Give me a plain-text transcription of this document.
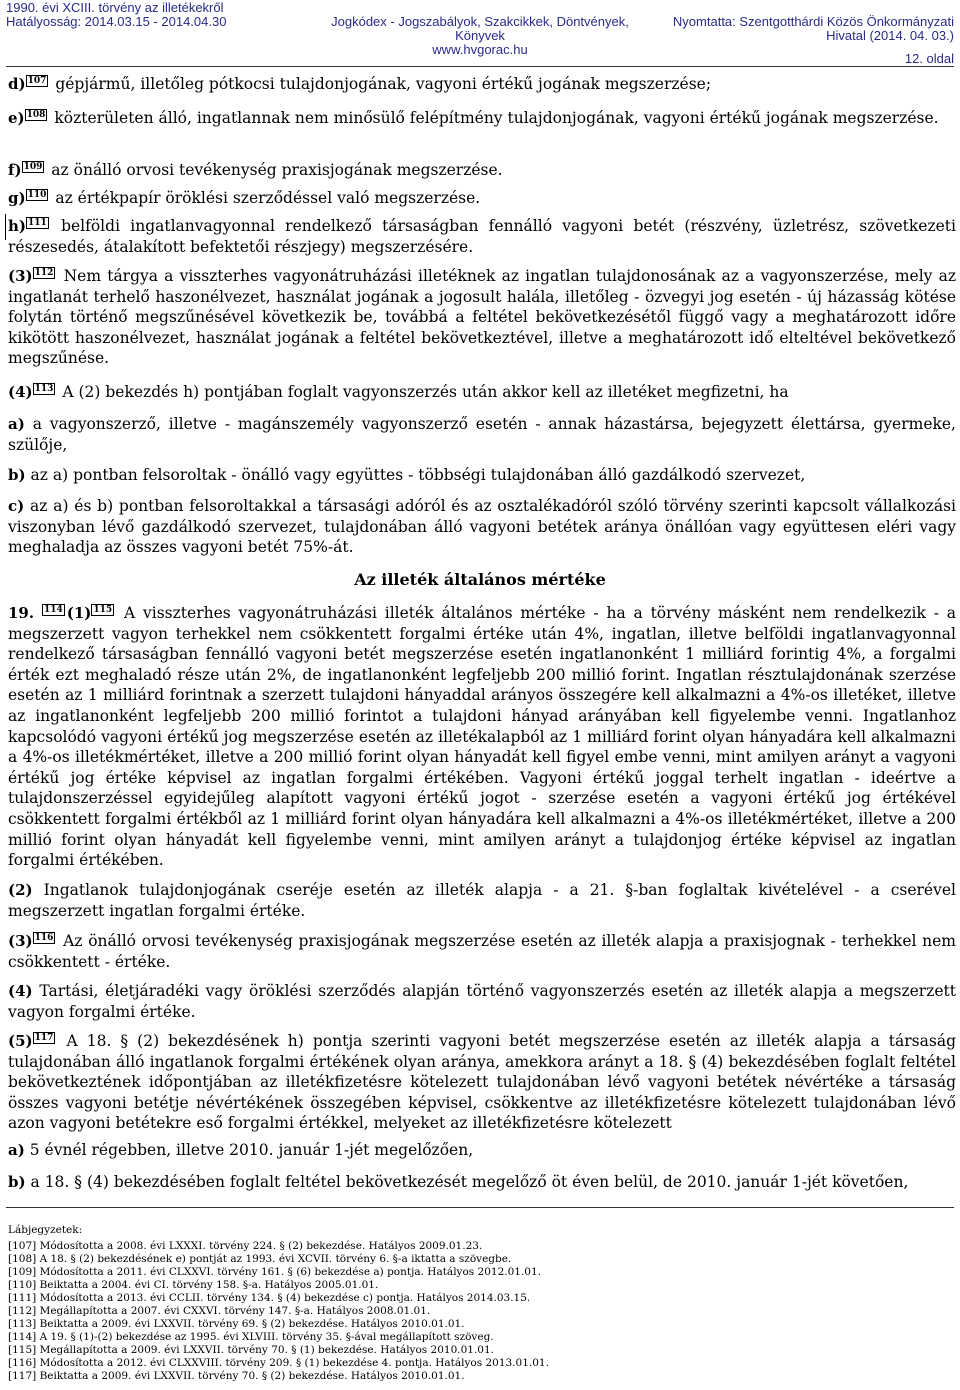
1990. évi XCIII. törvény az illetékekről
Hatályosság: 2014.03.15 - 2014.04.30	Jogkódex - Jogszabályok, Szakcikkek, Döntvények,
Könyvek
www.hvgorac.hu
Nyomtatta: Szentgotthárdi Közös Önkormányzati
Hivatal (2014. 04. 03.)
12. oldal
d) 107 gépjármű, illetőleg pótkocsi tulajdonjogának, vagyoni értékű jogának megszerzése;
e) 108 közterületen álló, ingatlannak nem minősülő felépítmény tulajdonjogának, vagyoni értékű jogának megszerzése.
f) 109 az önálló orvosi tevékenység praxisjogának megszerzése.
g) 110 az értékpapír öröklési szerződéssel való megszerzése.
h) 111 belföldi ingatlanvagyonnal rendelkező társaságban fennálló vagyoni betét (részvény, üzletrész, szövetkezeti részesedés, átalakított befektetői részjegy) megszerzésére.
(3) 112 Nem tárgya a visszterhes vagyonátruházási illetéknek az ingatlan tulajdonosának az a vagyonszerzése, mely az ingatlanát terhelő haszonélvezet, használat jogának a jogosult halála, illetőleg - özvegyi jog esetén - új házasság kötése folytán történő megszűnésével következik be, továbbá a feltétel bekövetkezésétől függő vagy a meghatározott időre kikötött haszonélvezet, használat jogának a feltétel bekövetkeztével, illetve a meghatározott idő elteltével bekövetkező megszűnése.
(4) 113 A (2) bekezdés h) pontjában foglalt vagyonszerzés után akkor kell az illetéket megfizetni, ha
a) a vagyonszerző, illetve - magánszemély vagyonszerző esetén - annak házastársa, bejegyzett élettársa, gyermeke, szülője,
b) az a) pontban felsoroltak - önálló vagy együttes - többségi tulajdonában álló gazdálkodó szervezet,
c) az a) és b) pontban felsoroltakkal a társasági adóról és az osztalékadóról szóló törvény szerinti kapcsolt vállalkozási viszonyban lévő gazdálkodó szervezet, tulajdonában álló vagyoni betétek aránya önállóan vagy együttesen eléri vagy meghaladja az összes vagyoni betét 75%-át.
Az illeték általános mértéke
19. 114 (1) 115 A visszterhes vagyonátruházási illeték általános mértéke - ha a törvény másként nem rendelkezik - a megszerzett vagyon terhekkel nem csökkentett forgalmi értéke után 4%, ingatlan, illetve belföldi ingatlanvagyonnal rendelkező társaságban fennálló vagyoni betét megszerzése esetén ingatlanonként 1 milliárd forintig 4%, a forgalmi érték ezt meghaladó része után 2%, de ingatlanonként legfeljebb 200 millió forint. Ingatlan résztulajdonának szerzése esetén az 1 milliárd forintnak a szerzett tulajdoni hányaddal arányos összegére kell alkalmazni a 4%-os illetéket, illetve az ingatlanonként legfeljebb 200 millió forintot a tulajdoni hányad arányában kell figyelembe venni. Ingatlanhoz kapcsolódó vagyoni értékű jog megszerzése esetén az illetékalapból az 1 milliárd forint olyan hányadára kell alkalmazni a 4%-os illetékmértéket, illetve a 200 millió forint olyan hányadát kell figyel embe venni, mint amilyen arányt a vagyoni értékű jog értéke képvisel az ingatlan forgalmi értékében. Vagyoni értékű joggal terhelt ingatlan - ideértve a tulajdonszerzéssel egyidejűleg alapított vagyoni értékű jogot - szerzése esetén a vagyoni értékű jog értékével csökkentett forgalmi értékből az 1 milliárd forint olyan hányadára kell alkalmazni a 4%-os illetékmértéket, illetve a 200 millió forint olyan hányadát kell figyelembe venni, mint amilyen arányt a tulajdonjog értéke képvisel az ingatlan forgalmi értékében.
(2) Ingatlanok tulajdonjogának cseréje esetén az illeték alapja - a 21. §-ban foglaltak kivételével - a cserével megszerzett ingatlan forgalmi értéke.
(3) 116 Az önálló orvosi tevékenység praxisjogának megszerzése esetén az illeték alapja a praxisjognak - terhekkel nem csökkentett - értéke.
(4) Tartási, életjáradéki vagy öröklési szerződés alapján történő vagyonszerzés esetén az illeték alapja a megszerzett vagyon forgalmi értéke.
(5) 117 A 18. § (2) bekezdésének h) pontja szerinti vagyoni betét megszerzése esetén az illeték alapja a társaság tulajdonában álló ingatlanok forgalmi értékének olyan aránya, amekkora arányt a 18. § (4) bekezdésében foglalt feltétel bekövetkeztének időpontjában az illetékfizetésre kötelezett tulajdonában lévő vagyoni betétek névértéke a társaság összes vagyoni betétje névértékének összegében képvisel, csökkentve az illetékfizetésre kötelezett tulajdonában lévő azon vagyoni betétekre eső forgalmi értékkel, melyeket az illetékfizetésre kötelezett
a) 5 évnél régebben, illetve 2010. január 1-jét megelőzően,
b) a 18. § (4) bekezdésében foglalt feltétel bekövetkezését megelőző öt éven belül, de 2010. január 1-jét követően,
Lábjegyzetek:
[107] Módosította a 2008. évi LXXXI. törvény 224. § (2) bekezdése. Hatályos 2009.01.23.
[108] A 18. § (2) bekezdésének e) pontját az 1993. évi XCVII. törvény 6. §-a iktatta a szövegbe.
[109] Módosította a 2011. évi CLXXVI. törvény 161. § (6) bekezdése a) pontja. Hatályos 2012.01.01.
[110] Beiktatta a 2004. évi CI. törvény 158. §-a. Hatályos 2005.01.01.
[111] Módosította a 2013. évi CCLII. törvény 134. § (4) bekezdése c) pontja. Hatályos 2014.03.15.
[112] Megállapította a 2007. évi CXXVI. törvény 147. §-a. Hatályos 2008.01.01.
[113] Beiktatta a 2009. évi LXXVII. törvény 69. § (2) bekezdése. Hatályos 2010.01.01.
[114] A 19. § (1)-(2) bekezdése az 1995. évi XLVIII. törvény 35. §-ával megállapított szöveg.
[115] Megállapította a 2009. évi LXXVII. törvény 70. § (1) bekezdése. Hatályos 2010.01.01.
[116] Módosította a 2012. évi CLXXVIII. törvény 209. § (1) bekezdése 4. pontja. Hatályos 2013.01.01.
[117] Beiktatta a 2009. évi LXXVII. törvény 70. § (2) bekezdése. Hatályos 2010.01.01.
